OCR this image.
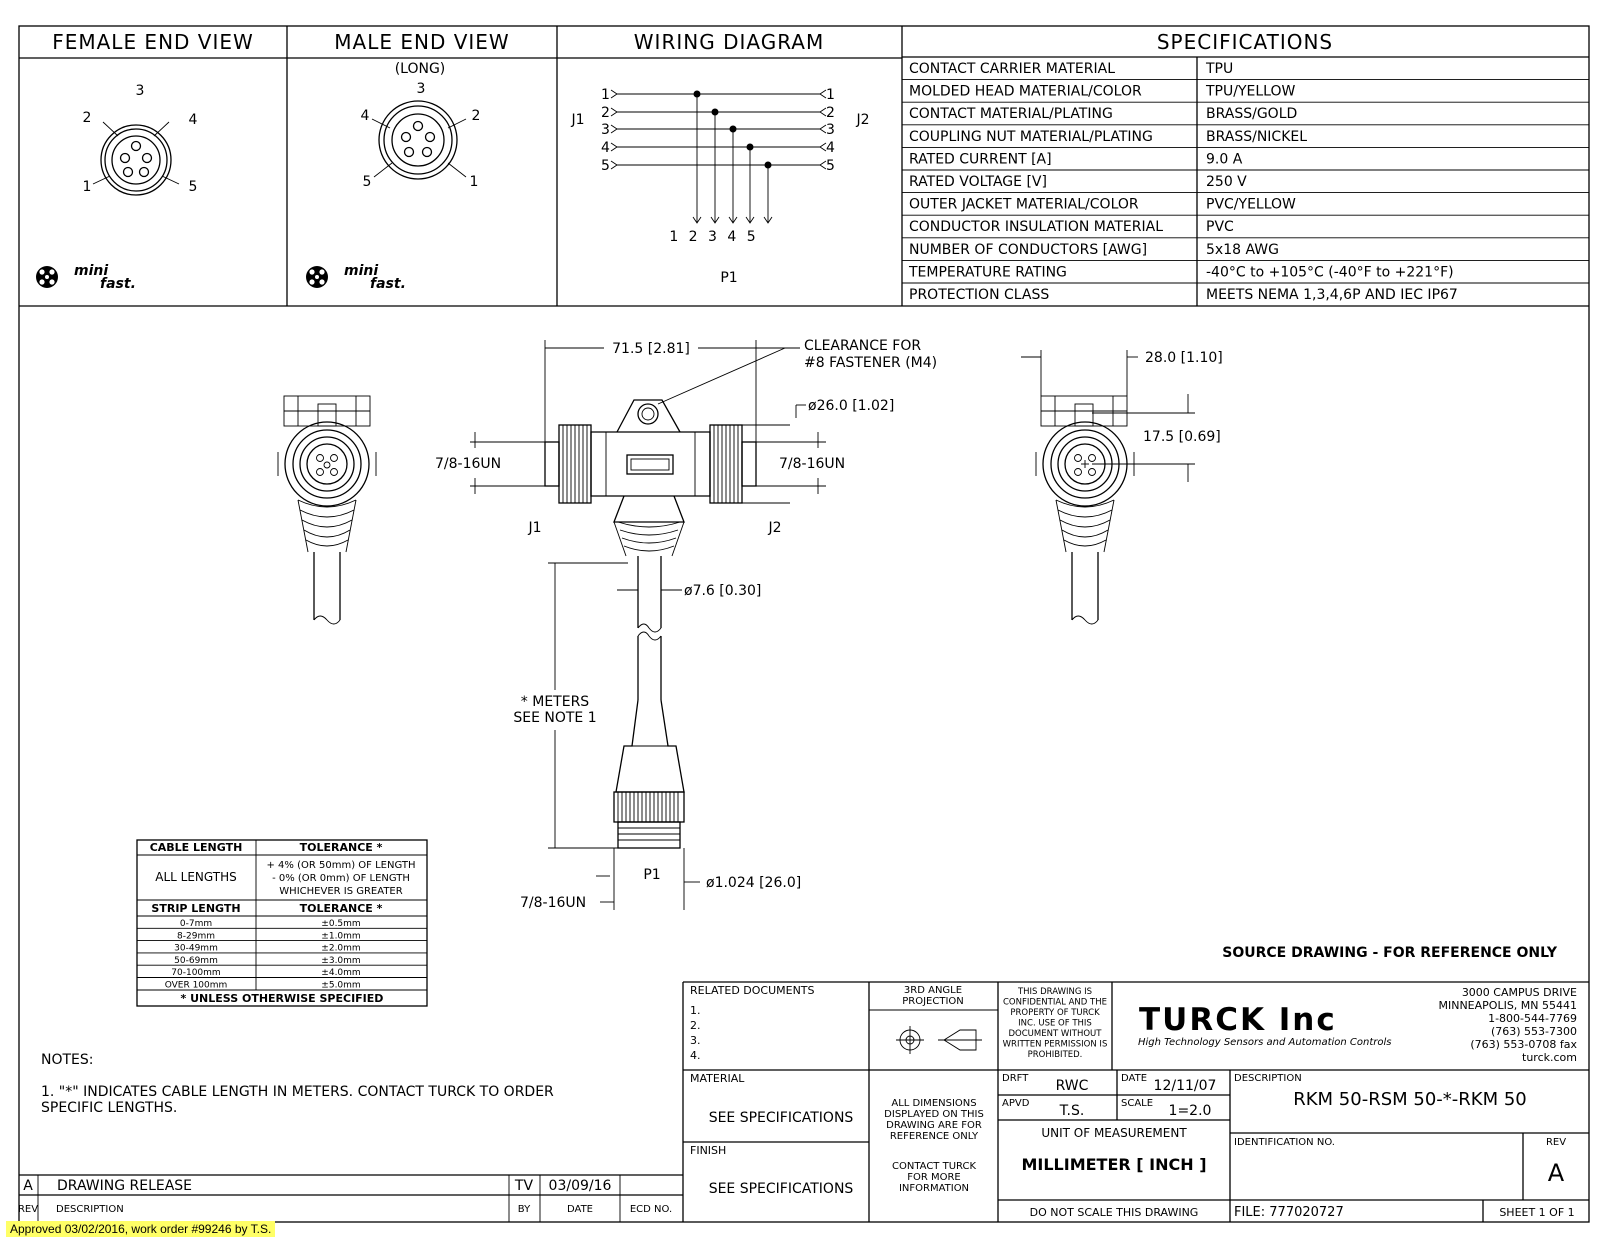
FEMALE END VIEW	MALE END VIEW	WIRING DIAGRAM	SPECIFICATIONS
CONTACT CARRIER MATERIAL	TPU
MOLDED HEAD MATERIAL/COLOR	TPU/YELLOW
CONTACT MATERIAL/PLATING	BRASS/GOLD
COUPLING NUT MATERIAL/PLATING	BRASS/NICKEL
RATED CURRENT [A]	9.0 A
RATED VOLTAGE [V]	250 V
OUTER JACKET MATERIAL/COLOR	PVC/YELLOW
CONDUCTOR INSULATION MATERIAL	PVC
NUMBER OF CONDUCTORS [AWG]	5x18 AWG
TEMPERATURE RATING	-40°C to +105°C (-40°F to +221°F)
PROTECTION CLASS	MEETS NEMA 1,3,4,6P AND IEC IP67
3
2	4
1	5
mini
fast.
(LONG)
3
4	2
5	1
mini
fast.
1	1
2	2
3	3
4	4
5	5
J1	J2
1 2 3 4 5
P1
28.0 [1.10]
17.5 [0.69]
71.5 [2.81]	CLEARANCE FOR
#8 FASTENER (M4)
ø26.0 [1.02]
7/8-16UN	7/8-16UN
J1	J2
ø7.6 [0.30]
* METERS
SEE NOTE 1
P1
7/8-16UN
ø1.024 [26.0]
CABLE LENGTH	TOLERANCE *
ALL LENGTHS
+ 4% (OR 50mm) OF LENGTH
- 0% (OR 0mm) OF LENGTH
WHICHEVER IS GREATER
STRIP LENGTH	TOLERANCE *
0-7mm	±0.5mm
8-29mm	±1.0mm
30-49mm	±2.0mm
50-69mm	±3.0mm
70-100mm	±4.0mm
OVER 100mm	±5.0mm
* UNLESS OTHERWISE SPECIFIED
NOTES:
1. "*" INDICATES CABLE LENGTH IN METERS. CONTACT TURCK TO ORDER
SPECIFIC LENGTHS.
SOURCE DRAWING - FOR REFERENCE ONLY
A DRAWING RELEASE	TV 03/09/16
REV DESCRIPTION	BY	DATE	ECD NO.
RELATED DOCUMENTS
1.
2.
3.
4.
3RD ANGLE
PROJECTION
THIS DRAWING IS
CONFIDENTIAL AND THE
PROPERTY OF TURCK
INC. USE OF THIS
DOCUMENT WITHOUT
WRITTEN PERMISSION IS
PROHIBITED.
TURCK Inc
High Technology Sensors and Automation Controls
3000 CAMPUS DRIVE
MINNEAPOLIS, MN 55441
1-800-544-7769
(763) 553-7300
(763) 553-0708 fax
turck.com
MATERIAL
SEE SPECIFICATIONS
FINISH
SEE SPECIFICATIONS
ALL DIMENSIONS
DISPLAYED ON THIS
DRAWING ARE FOR
REFERENCE ONLY
CONTACT TURCK
FOR MORE
INFORMATION
DRFT RWC	DATE 12/11/07
APVD T.S.	SCALE 1=2.0
UNIT OF MEASUREMENT
MILLIMETER [ INCH ]
DO NOT SCALE THIS DRAWING
DESCRIPTION
RKM 50-RSM 50-*-RKM 50
IDENTIFICATION NO.	REV
A
FILE: 777020727	SHEET 1 OF 1
Approved 03/02/2016, work order #99246 by T.S.
